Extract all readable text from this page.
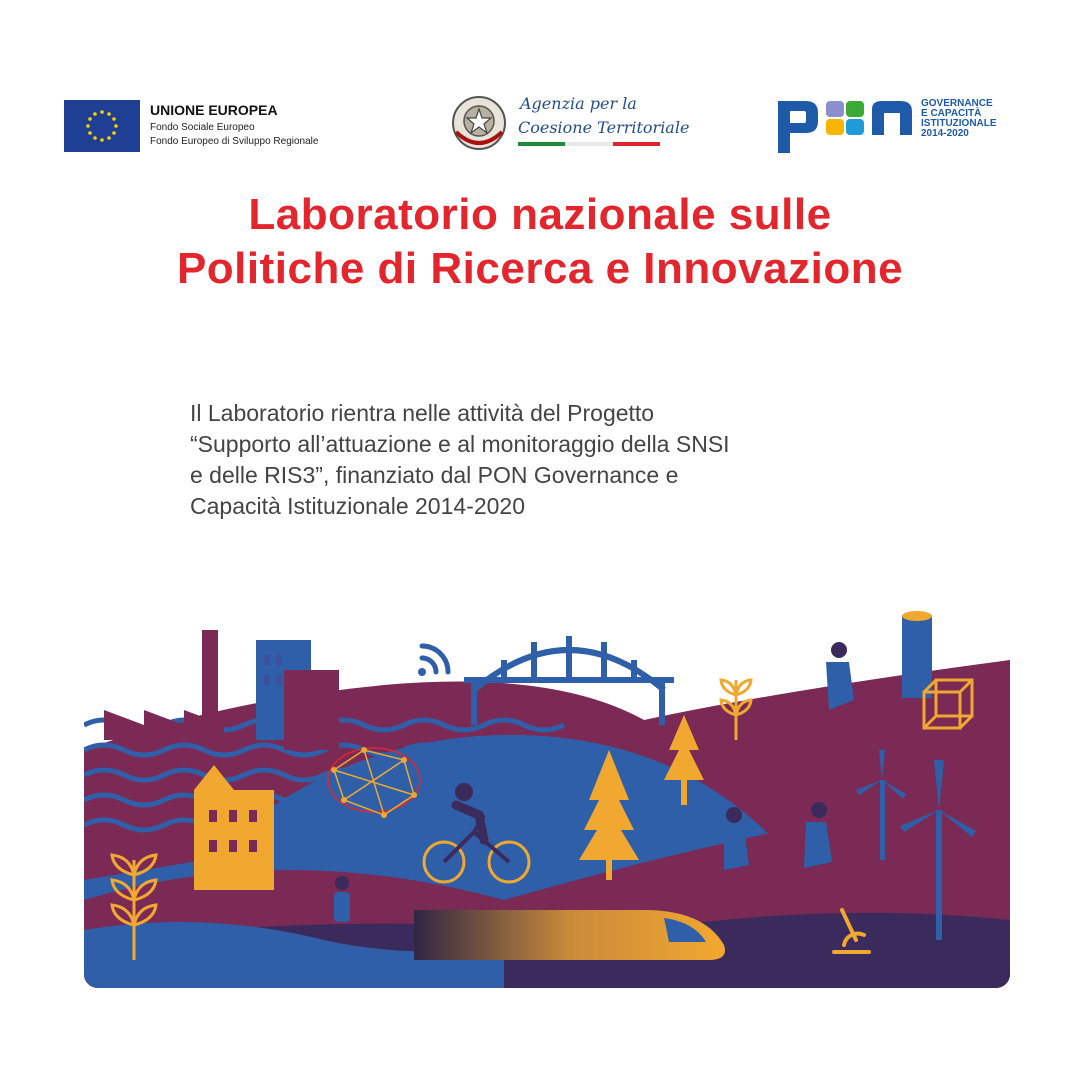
UNIONE EUROPEA
Fondo Sociale Europeo
Fondo Europeo di Sviluppo Regionale
Agenzia per la
Coesione Territoriale
GOVERNANCE
E CAPACITÀ
ISTITUZIONALE
2014-2020
Laboratorio nazionale sulle
Politiche di Ricerca e Innovazione
Il Laboratorio rientra nelle attività del Progetto
“Supporto all’attuazione e al monitoraggio della SNSI
e delle RIS3”, finanziato dal PON Governance e
Capacità Istituzionale 2014-2020
